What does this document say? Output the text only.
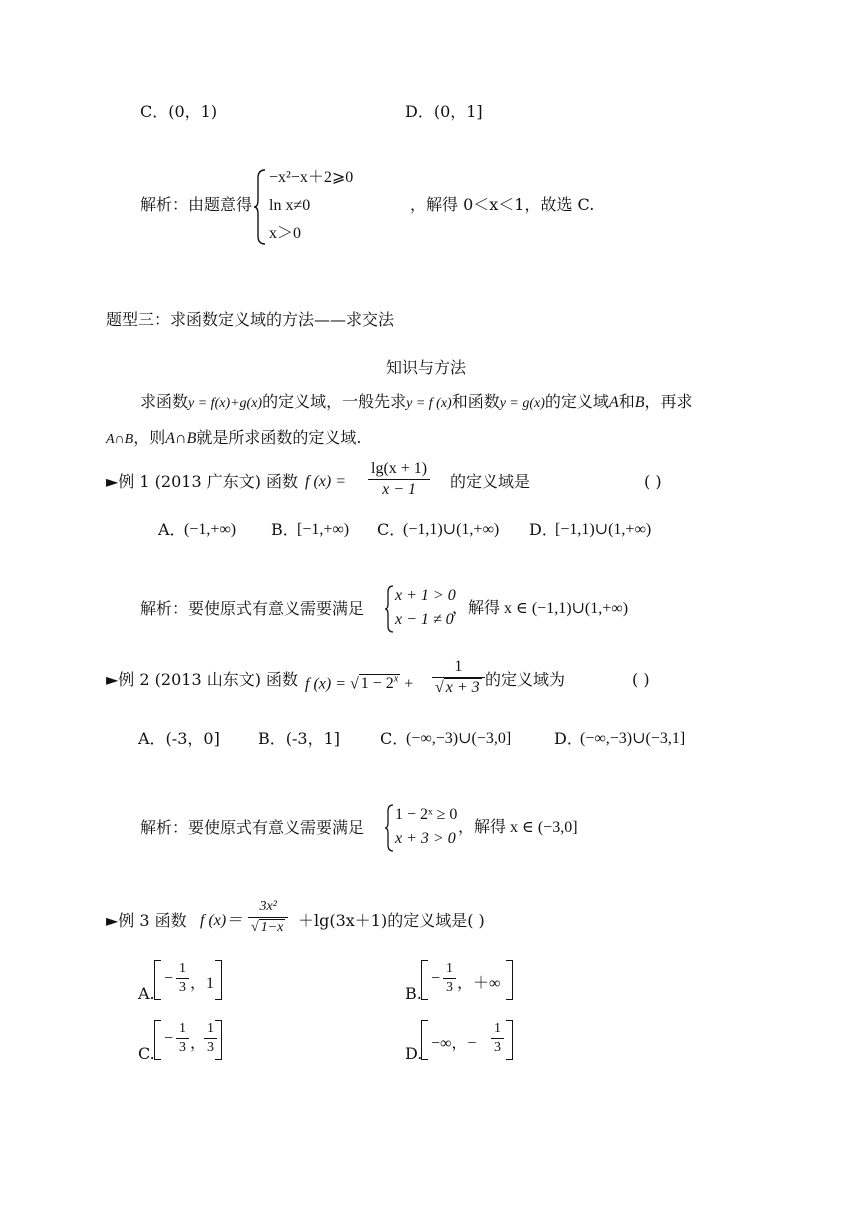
C．(0，1)	D．(0，1]
解析：由题意得
−x²−x＋2⩾0
ln x≠0
x＞0
，解得 0＜x＜1，故选 C.
题型三：求函数定义域的方法——求交法
知识与方法
求函数y = f(x)+g(x)的定义域，一般先求y = f (x)和函数y = g(x)的定义域A和B，再求
A∩B，则A∩B就是所求函数的定义域.
►例 1 (2013 广东文) 函数 f $(x) = \frac{\lg(x + 1)}{x - 1}$ 的定义域是	( )
A．
(−1,+∞) B．
[−1,+∞) C．
(−1,1)∪(1,+∞) D．
[−1,1)∪(1,+∞)
解析：要使原式有意义需要满足
x + 1 > 0
x − 1 ≠ 0
，解得 x ∈ (−1,1)∪(1,+∞)
►例 2 (2013 山东文) 函数 f (x) = √ $1 - 2^x + \frac{1}{√ x + 3}$ 的定义域为	( )
A．(-3，0] B．(-3，1] C．
(−∞,−3)∪(−3,0]	D．
(−∞,−3)∪(−3,1]
解析：要使原式有意义需要满足
1 − 2ˣ ≥ 0
x + 3 > 0
，解得 x ∈ (−3,0]
►例 3 函数 f $(x)= \frac{\text{3x²}}{√ 1-x} +\lg(3x+1)$的定义域是( )
A.
− $\frac{1}{3}$ ，1
B.
− $\frac{1}{3}$ ，＋∞
C.
− $\frac{1}{3}$ ，
$\frac{1}{3}$	D.
−∞，− $\frac{1}{3}$
